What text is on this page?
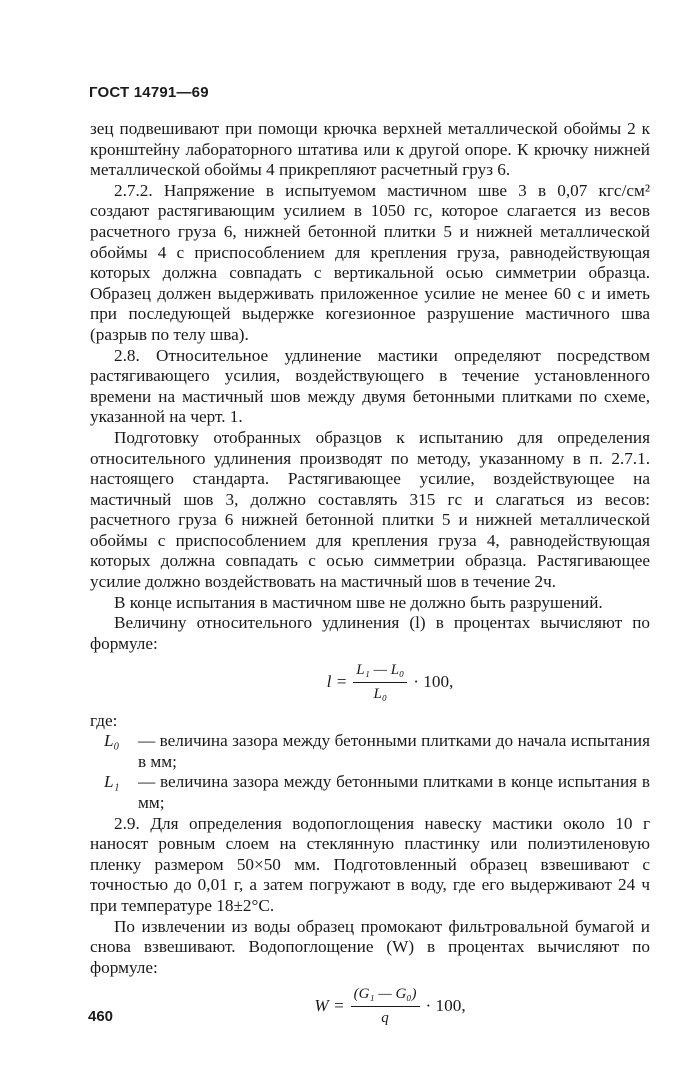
ГОСТ 14791—69

зец подвешивают при помощи крючка верхней металлической обоймы 2 к кронштейну лабораторного штатива или к другой опоре. К крючку нижней металлической обоймы 4 прикрепляют расчетный груз 6.

2.7.2. Напряжение в испытуемом мастичном шве 3 в 0,07 кгс/см² создают растягивающим усилием в 1050 гс, которое слагается из весов расчетного груза 6, нижней бетонной плитки 5 и нижней металлической обоймы 4 с приспособлением для крепления груза, равнодействующая которых должна совпадать с вертикальной осью симметрии образца. Образец должен выдерживать приложенное усилие не менее 60 с и иметь при последующей выдержке когезионное разрушение мастичного шва (разрыв по телу шва).

2.8. Относительное удлинение мастики определяют посредством растягивающего усилия, воздействующего в течение установленного времени на мастичный шов между двумя бетонными плитками по схеме, указанной на черт. 1.

Подготовку отобранных образцов к испытанию для определения относительного удлинения производят по методу, указанному в п. 2.7.1. настоящего стандарта. Растягивающее усилие, воздействующее на мастичный шов 3, должно составлять 315 гс и слагаться из весов: расчетного груза 6 нижней бетонной плитки 5 и нижней металлической обоймы с приспособлением для крепления груза 4, равнодействующая которых должна совпадать с осью симметрии образца. Растягивающее усилие должно воздействовать на мастичный шов в течение 2ч.

В конце испытания в мастичном шве не должно быть разрушений.

Величину относительного удлинения (l) в процентах вычисляют по формуле:

$l = \frac{\text{L₁ — L₀}}{\text{L₀}} \cdot 100$,

где:

L₀	— величина зазора между бетонными плитками до начала испытания в мм;
L₁	— величина зазора между бетонными плитками в конце испытания в мм;

2.9. Для определения водопоглощения навеску мастики около 10 г наносят ровным слоем на стеклянную пластинку или полиэтиленовую пленку размером 50×50 мм. Подготовленный образец взвешивают с точностью до 0,01 г, а затем погружают в воду, где его выдерживают 24 ч при температуре 18±2°С.

По извлечении из воды образец промокают фильтровальной бумагой и снова взвешивают. Водопоглощение (W) в процентах вычисляют по формуле:

$W = \frac{\text{(G₁ — G₀)}}{q} \cdot 100$,
460
